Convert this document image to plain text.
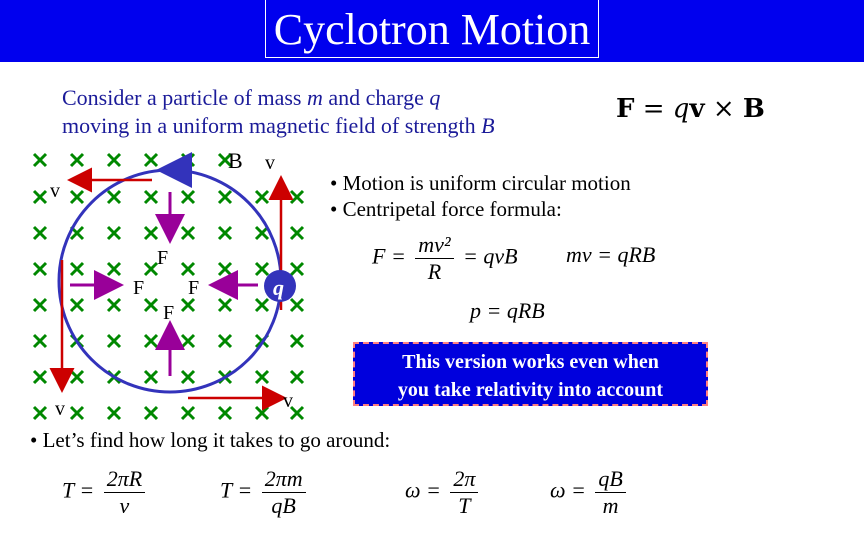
Cyclotron Motion
Consider a particle of mass m and charge q
moving in a uniform magnetic field of strength B
F = qv × B
• Motion is uniform circular motion
• Centripetal force formula:
$F = \frac{\text{mv²}}{R}$ = qvB mv = qRB
p = qRB
This version works even when
you take relativity into account
B v
v
v	v
F
F F
F
q
• Let’s find how long it takes to go around:
$T = \frac{2\pi R}{v}$	$T = \frac{2\pi m}{qB}$	$\omega = \frac{2\pi}{T}$	$\omega = \frac{qB}{m}$
